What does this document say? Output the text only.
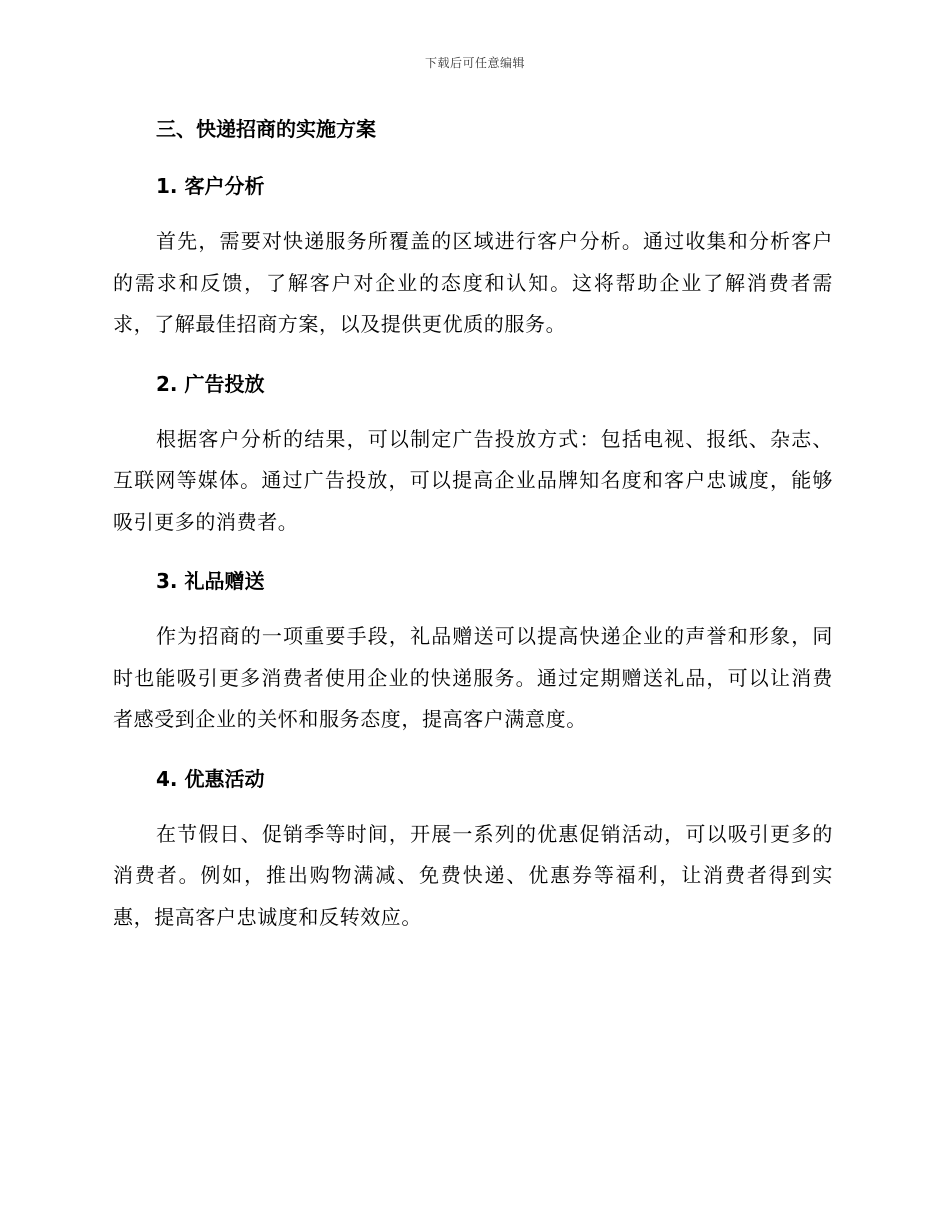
下载后可任意编辑
三、快递招商的实施方案
1. 客户分析

首先，需要对快递服务所覆盖的区域进行客户分析。通过收集和分析客户的需求和反馈，了解客户对企业的态度和认知。这将帮助企业了解消费者需求，了解最佳招商方案，以及提供更优质的服务。

2. 广告投放

根据客户分析的结果，可以制定广告投放方式：包括电视、报纸、杂志、互联网等媒体。通过广告投放，可以提高企业品牌知名度和客户忠诚度，能够吸引更多的消费者。

3. 礼品赠送

作为招商的一项重要手段，礼品赠送可以提高快递企业的声誉和形象，同时也能吸引更多消费者使用企业的快递服务。通过定期赠送礼品，可以让消费者感受到企业的关怀和服务态度，提高客户满意度。

4. 优惠活动

在节假日、促销季等时间，开展一系列的优惠促销活动，可以吸引更多的消费者。例如，推出购物满减、免费快递、优惠券等福利，让消费者得到实惠，提高客户忠诚度和反转效应。
